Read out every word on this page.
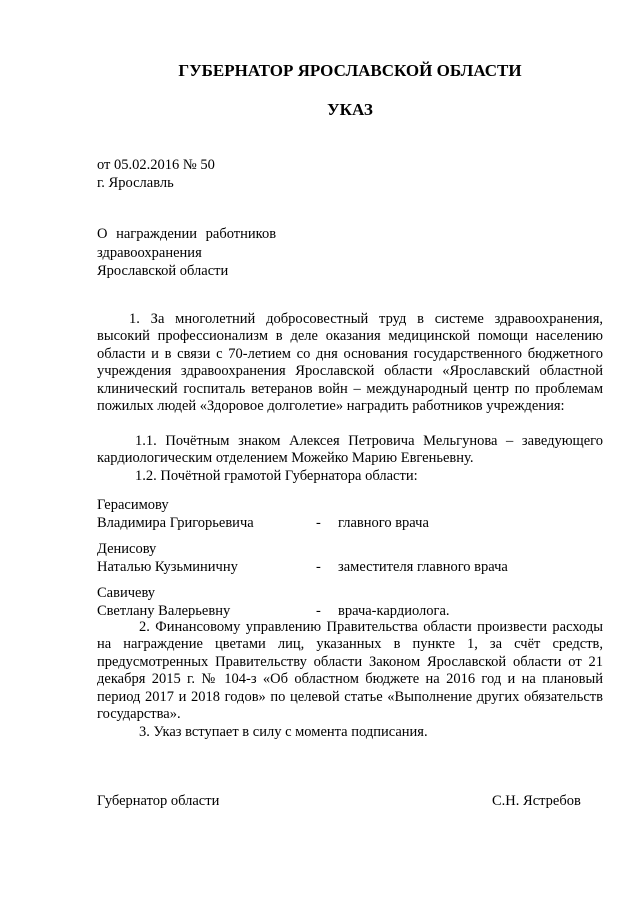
ГУБЕРНАТОР ЯРОСЛАВСКОЙ ОБЛАСТИ
УКАЗ
от 05.02.2016 № 50
г. Ярославль
О награждении работников
здравоохранения
Ярославской области
1. За многолетний добросовестный труд в системе здравоохранения, высокий профессионализм в деле оказания медицинской помощи населению области и в связи с 70-летием со дня основания государственного бюджетного учреждения здравоохранения Ярославской области «Ярославский областной клинический госпиталь ветеранов войн – международный центр по проблемам пожилых людей «Здоровое долголетие» наградить работников учреждения:
1.1. Почётным знаком Алексея Петровича Мельгунова – заведующего кардиологическим отделением Можейко Марию Евгеньевну.
1.2. Почётной грамотой Губернатора области:
Герасимову
Владимира Григорьевича	- главного врача
Денисову
Наталью Кузьминичну	- заместителя главного врача
Савичеву
Светлану Валерьевну	- врача-кардиолога.
2. Финансовому управлению Правительства области произвести расходы на награждение цветами лиц, указанных в пункте 1, за счёт средств, предусмотренных Правительству области Законом Ярославской области от 21 декабря 2015 г. № 104-з «Об областном бюджете на 2016 год и на плановый период 2017 и 2018 годов» по целевой статье «Выполнение других обязательств государства».
3. Указ вступает в силу с момента подписания.
Губернатор области	С.Н. Ястребов
